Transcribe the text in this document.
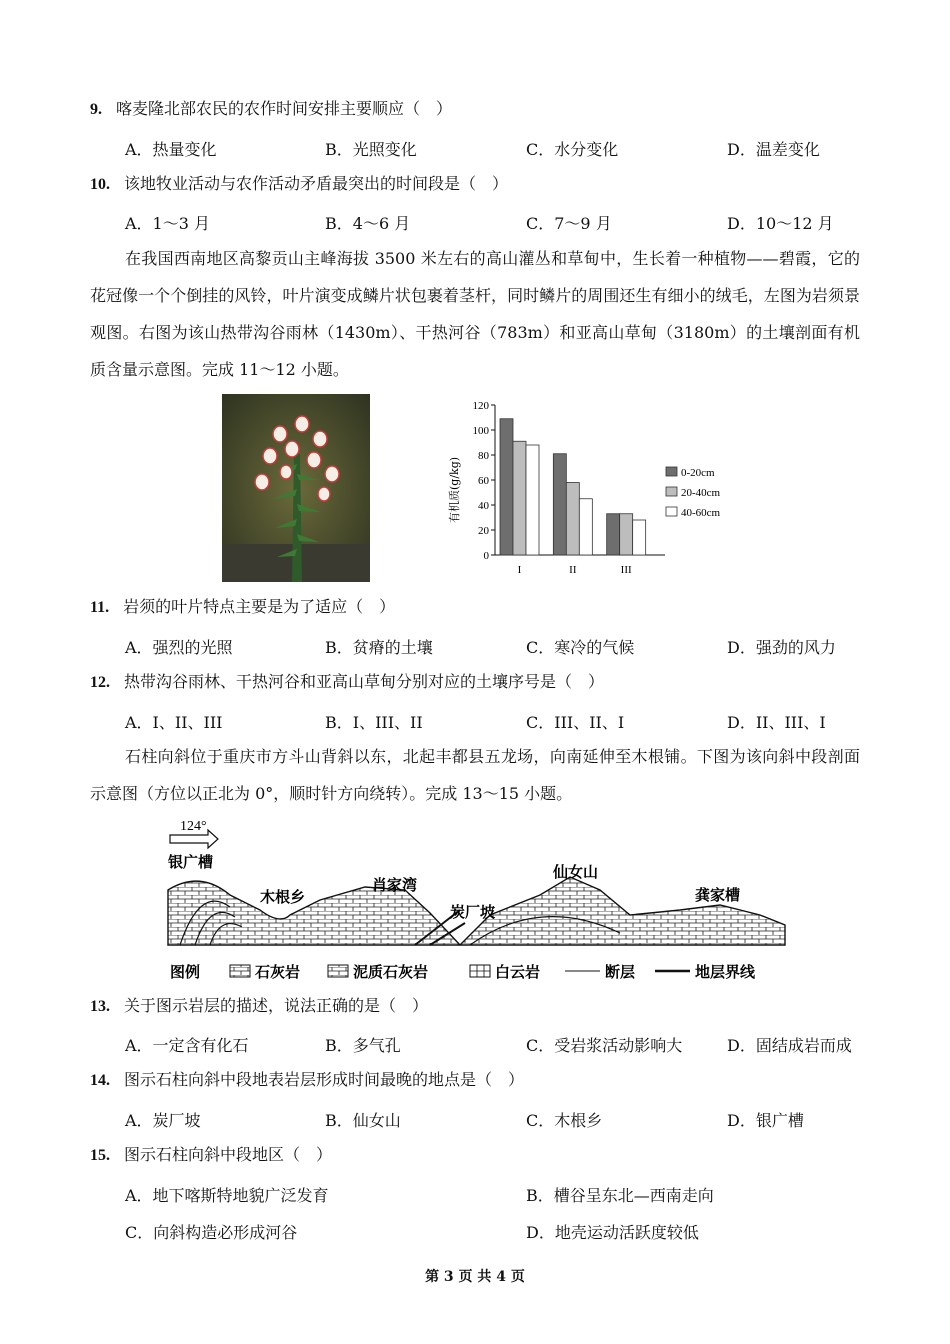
9. 喀麦隆北部农民的农作时间安排主要顺应（　）
A．热量变化	B．光照变化	C．水分变化	D．温差变化
10. 该地牧业活动与农作活动矛盾最突出的时间段是（　）
A．1～3 月	B．4～6 月	C．7～9 月	D．10～12 月
在我国西南地区高黎贡山主峰海拔 3500 米左右的高山灌丛和草甸中，生长着一种植物——碧霞，它的花冠像一个个倒挂的风铃，叶片演变成鳞片状包裹着茎杆，同时鳞片的周围还生有细小的绒毛，左图为岩须景观图。右图为该山热带沟谷雨林（1430m）、干热河谷（783m）和亚高山草甸（3180m）的土壤剖面有机质含量示意图。完成 11～12 小题。
有机质(g/kg)
0
20
40
60
80
100
120
I	II	III
0-20cm
20-40cm
40-60cm
11. 岩须的叶片特点主要是为了适应（　）
A．强烈的光照	B．贫瘠的土壤	C．寒冷的气候	D．强劲的风力
12. 热带沟谷雨林、干热河谷和亚高山草甸分别对应的土壤序号是（　）
A．I、II、III	B．I、III、II	C．III、II、I	D．II、III、I
石柱向斜位于重庆市方斗山背斜以东，北起丰都县五龙场，向南延伸至木根铺。下图为该向斜中段剖面示意图（方位以正北为 0°，顺时针方向绕转）。完成 13～15 小题。
124°
银广槽
木根乡
肖家湾
炭厂坡
仙女山
龚家槽
图例	石灰岩	泥质石灰岩	白云岩	断层	地层界线
13. 关于图示岩层的描述，说法正确的是（　）
A．一定含有化石	B．多气孔	C．受岩浆活动影响大	D．固结成岩而成
14. 图示石柱向斜中段地表岩层形成时间最晚的地点是（　）
A．炭厂坡	B．仙女山	C．木根乡	D．银广槽
15. 图示石柱向斜中段地区（　）
A．地下喀斯特地貌广泛发育	B．槽谷呈东北—西南走向
C．向斜构造必形成河谷	D．地壳运动活跃度较低
第 3 页 共 4 页
